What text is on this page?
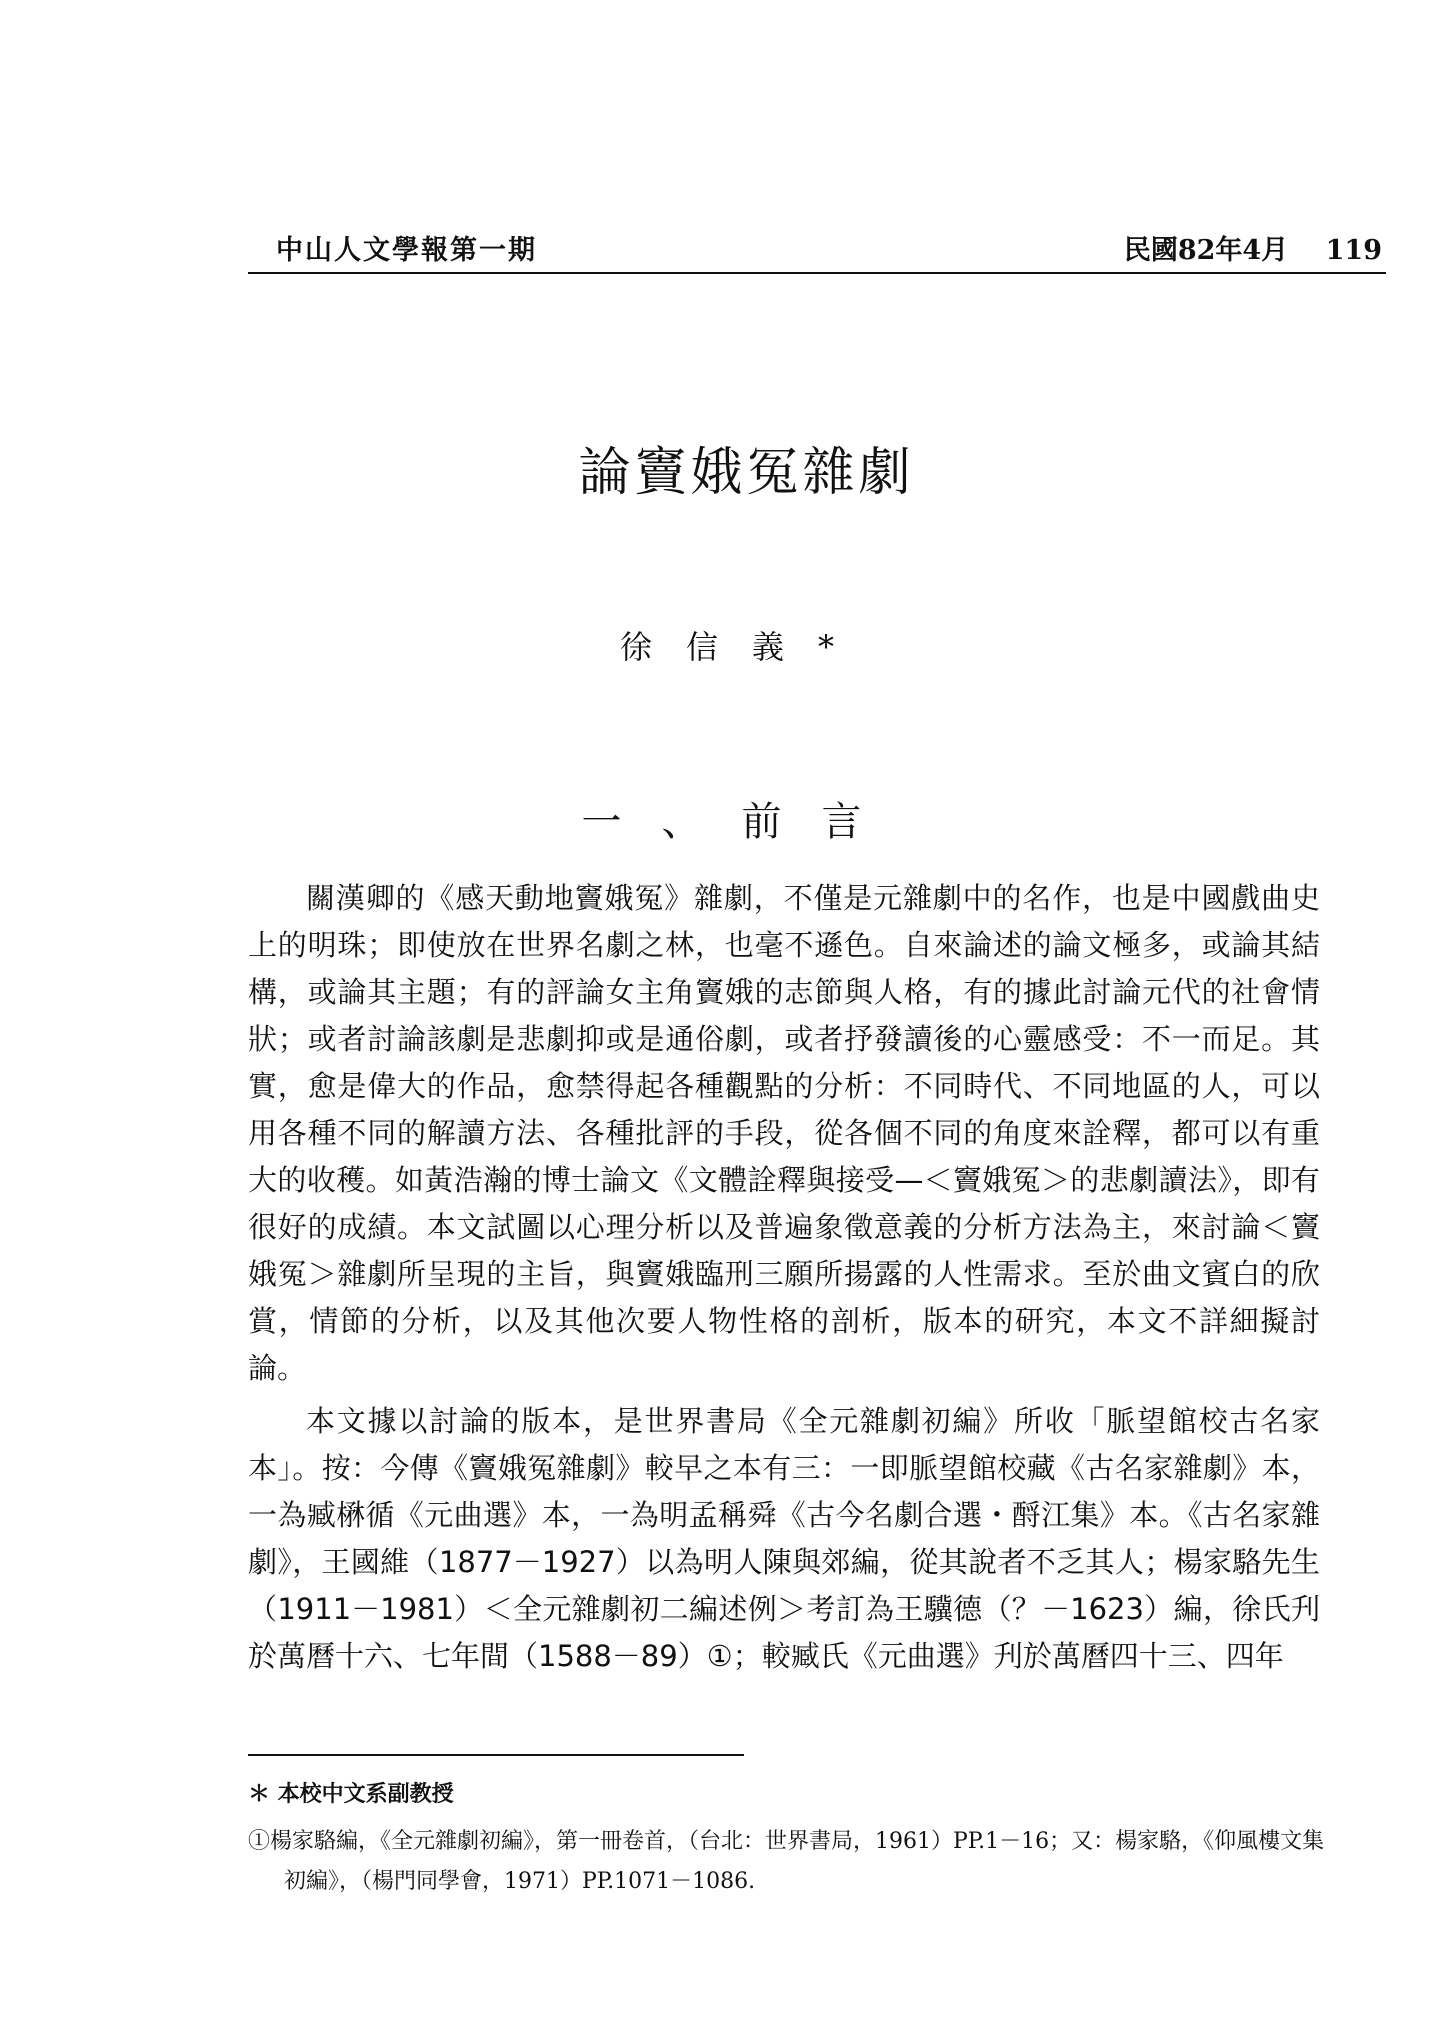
中山人文學報第一期	民國82年4月 119
論竇娥冤雜劇
徐信義*
一、前言

關漢卿的《感天動地竇娥冤》雜劇，不僅是元雜劇中的名作，也是中國戲曲史上的明珠；即使放在世界名劇之林，也毫不遜色。自來論述的論文極多，或論其結構，或論其主題；有的評論女主角竇娥的志節與人格，有的據此討論元代的社會情狀；或者討論該劇是悲劇抑或是通俗劇，或者抒發讀後的心靈感受：不一而足。其實，愈是偉大的作品，愈禁得起各種觀點的分析：不同時代、不同地區的人，可以用各種不同的解讀方法、各種批評的手段，從各個不同的角度來詮釋，都可以有重大的收穫。如黃浩瀚的博士論文《文體詮釋與接受—＜竇娥冤＞的悲劇讀法》，即有很好的成績。本文試圖以心理分析以及普遍象徵意義的分析方法為主，來討論＜竇娥冤＞雜劇所呈現的主旨，與竇娥臨刑三願所揚露的人性需求。至於曲文賓白的欣賞，情節的分析，以及其他次要人物性格的剖析，版本的研究，本文不詳細擬討論。

本文據以討論的版本，是世界書局《全元雜劇初編》所收「脈望館校古名家本」。按：今傳《竇娥冤雜劇》較早之本有三：一即脈望館校藏《古名家雜劇》本，一為臧楙循《元曲選》本，一為明孟稱舜《古今名劇合選・酹江集》本。《古名家雜劇》，王國維（1877－1927）以為明人陳與郊編，從其說者不乏其人；楊家駱先生（1911－1981）＜全元雜劇初二編述例＞考訂為王驥德（？－1623）編，徐氏刋於萬曆十六、七年間（1588－89）①；較臧氏《元曲選》刋於萬曆四十三、四年

＊ 本校中文系副教授
①楊家駱編，《全元雜劇初編》，第一冊卷首，（台北：世界書局，1961）PP.1－16；又：楊家駱，《仰風樓文集初編》，（楊門同學會，1971）PP.1071－1086.
